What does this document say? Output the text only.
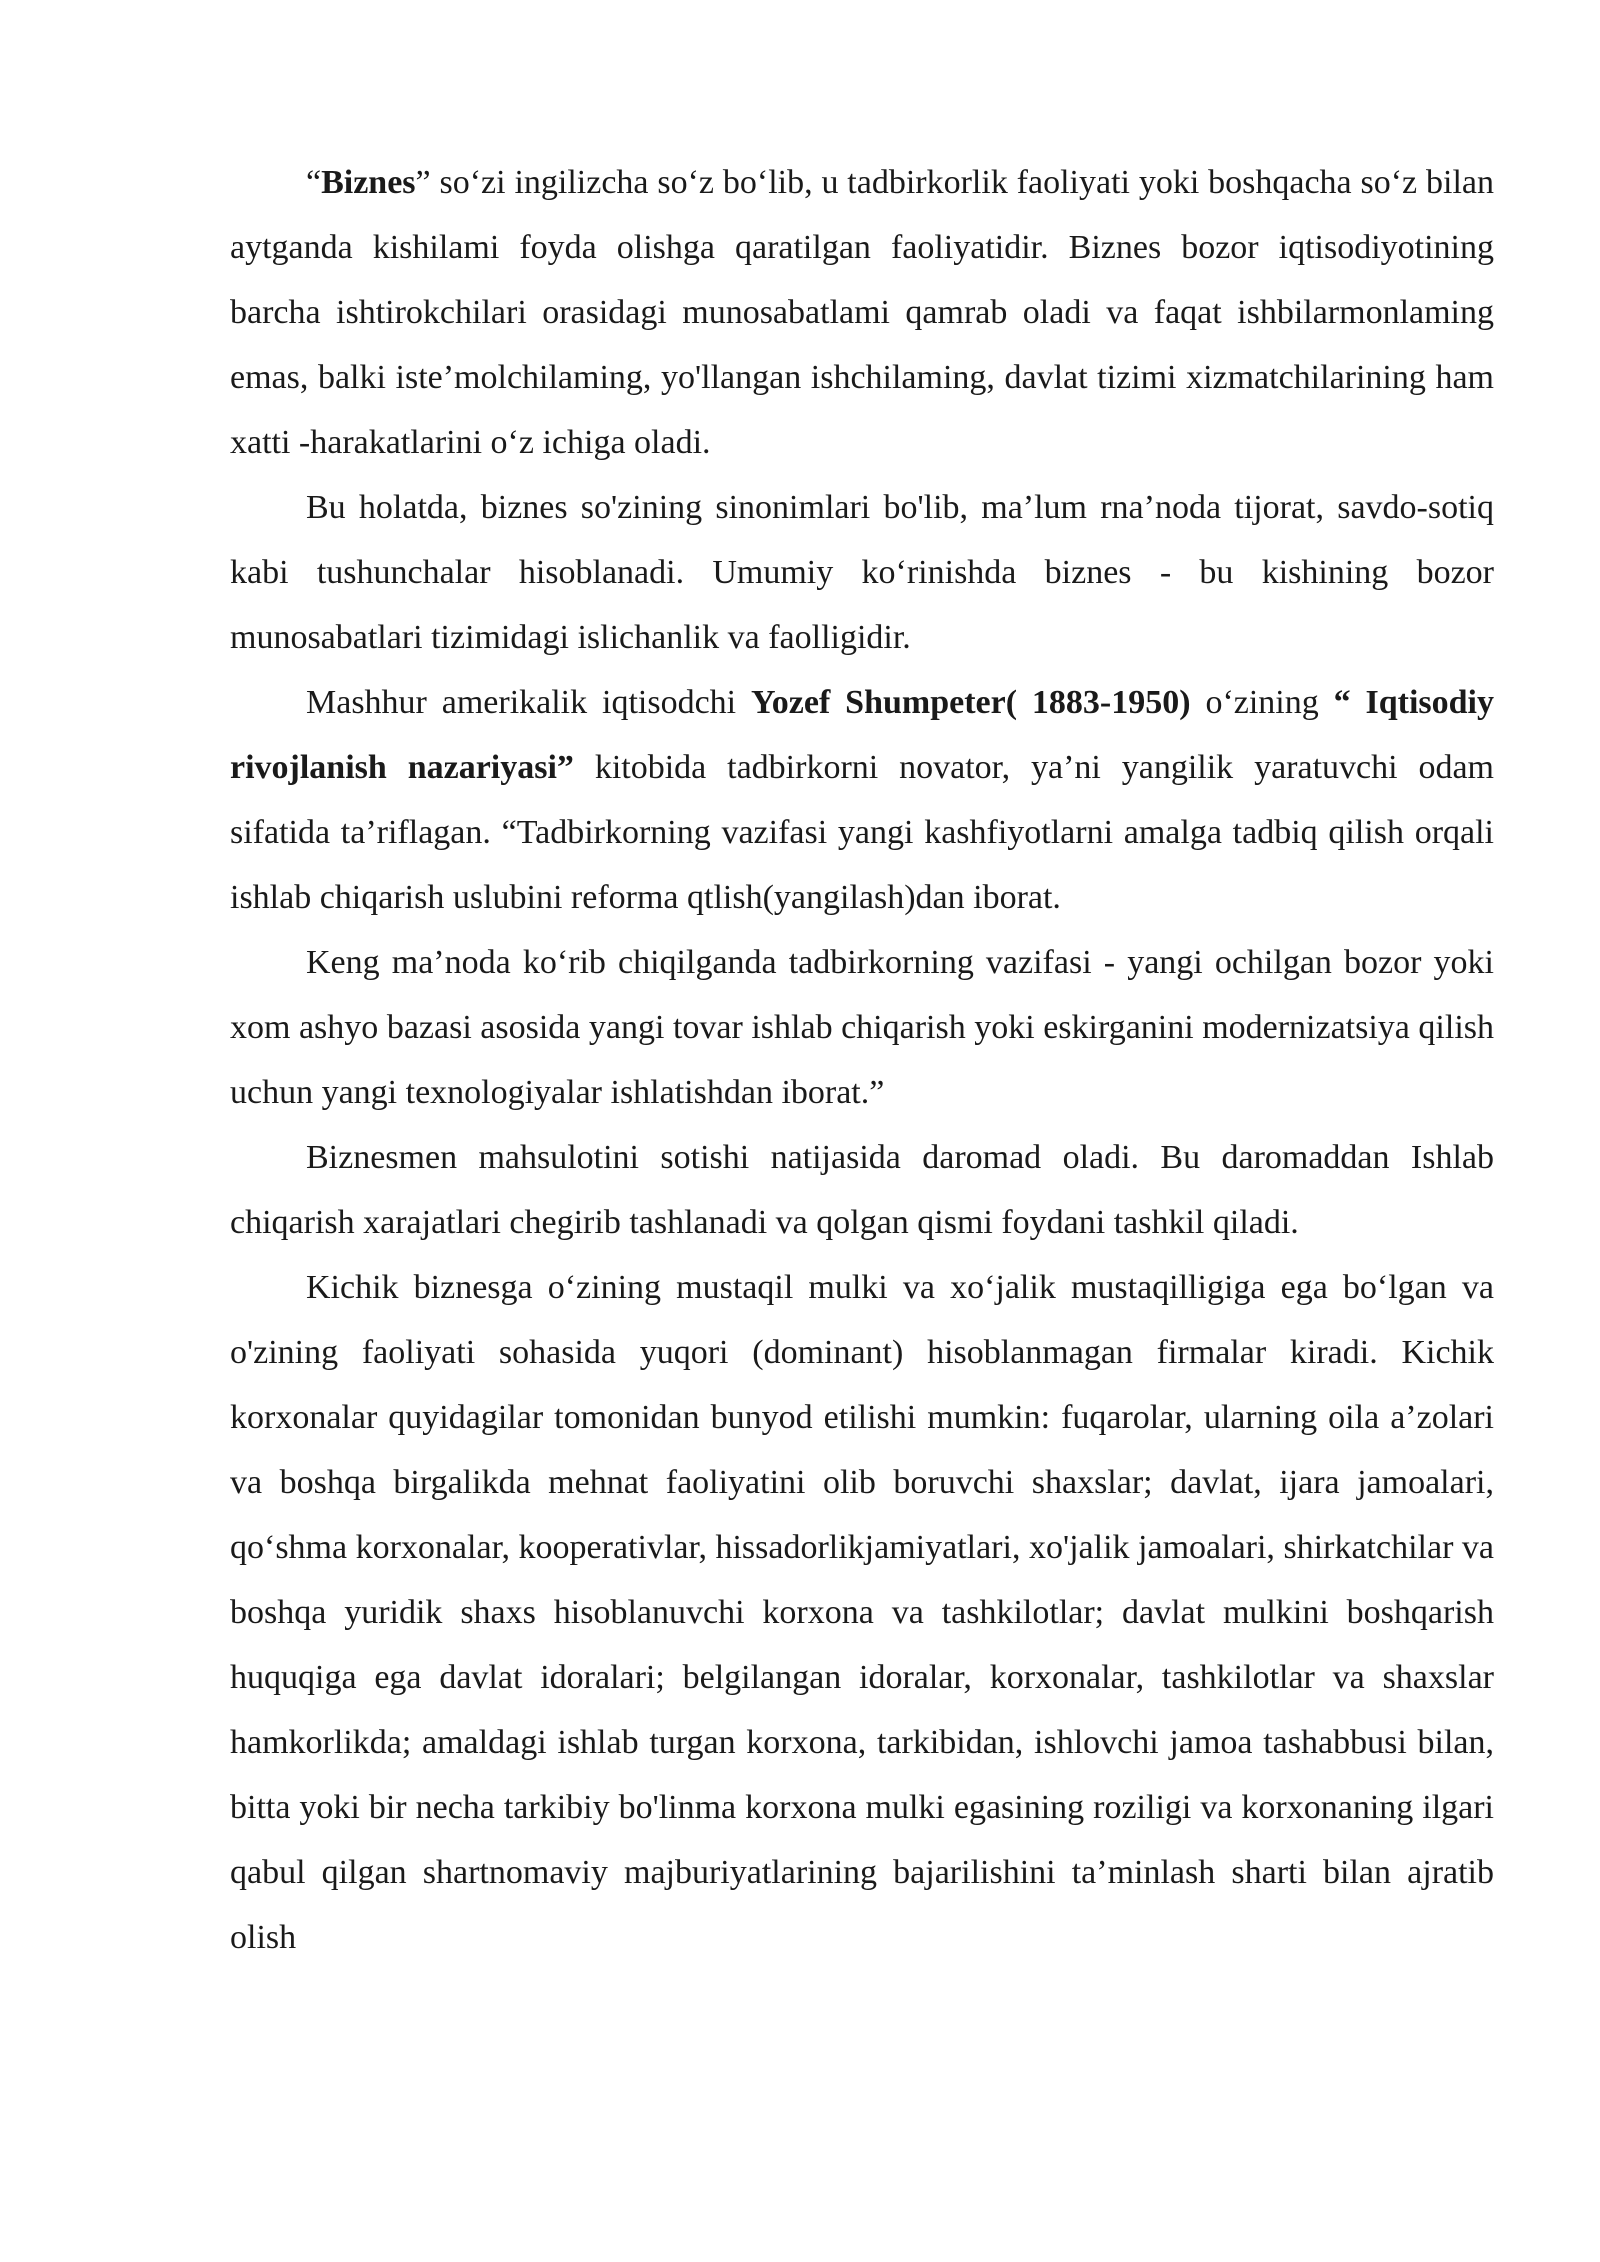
“Biznes” so‘zi ingilizcha so‘z bo‘lib, u tadbirkorlik faoliyati yoki boshqacha so‘z bilan aytganda kishilami foyda olishga qaratilgan faoliyatidir. Biznes bozor iqtisodiyotining barcha ishtirokchilari orasidagi munosabatlami qamrab oladi va faqat ishbilarmonlaming emas, balki iste’molchilaming, yo'llangan ishchilaming, davlat tizimi xizmatchilarining ham xatti -harakatlarini o‘z ichiga oladi.

Bu holatda, biznes so'zining sinonimlari bo'lib, ma’lum rna’noda tijorat, savdo-sotiq kabi tushunchalar hisoblanadi. Umumiy ko‘rinishda biznes - bu kishining bozor munosabatlari tizimidagi islichanlik va faolligidir.

Mashhur amerikalik iqtisodchi Yozef Shumpeter( 1883-1950) o‘zining “ Iqtisodiy rivojlanish nazariyasi” kitobida tadbirkorni novator, ya’ni yangilik yaratuvchi odam sifatida ta’riflagan. “Tadbirkorning vazifasi yangi kashfiyotlarni amalga tadbiq qilish orqali ishlab chiqarish uslubini reforma qtlish(yangilash)dan iborat.

Keng ma’noda ko‘rib chiqilganda tadbirkorning vazifasi - yangi ochilgan bozor yoki xom ashyo bazasi asosida yangi tovar ishlab chiqarish yoki eskirganini modernizatsiya qilish uchun yangi texnologiyalar ishlatishdan iborat.”

Biznesmen mahsulotini sotishi natijasida daromad oladi. Bu daromaddan Ishlab chiqarish xarajatlari chegirib tashlanadi va qolgan qismi foydani tashkil qiladi.

Kichik biznesga o‘zining mustaqil mulki va xo‘jalik mustaqilligiga ega bo‘lgan va o'zining faoliyati sohasida yuqori (dominant) hisoblanmagan firmalar kiradi. Kichik korxonalar quyidagilar tomonidan bunyod etilishi mumkin: fuqarolar, ularning oila a’zolari va boshqa birgalikda mehnat faoliyatini olib boruvchi shaxslar; davlat, ijara jamoalari, qo‘shma korxonalar, kooperativlar, hissadorlikjamiyatlari, xo'jalik jamoalari, shirkatchilar va boshqa yuridik shaxs hisoblanuvchi korxona va tashkilotlar; davlat mulkini boshqarish huquqiga ega davlat idoralari; belgilangan idoralar, korxonalar, tashkilotlar va shaxslar hamkorlikda; amaldagi ishlab turgan korxona, tarkibidan, ishlovchi jamoa tashabbusi bilan, bitta yoki bir necha tarkibiy bo'linma korxona mulki egasining roziligi va korxonaning ilgari qabul qilgan shartnomaviy majburiyatlarining bajarilishini ta’minlash sharti bilan ajratib olish
